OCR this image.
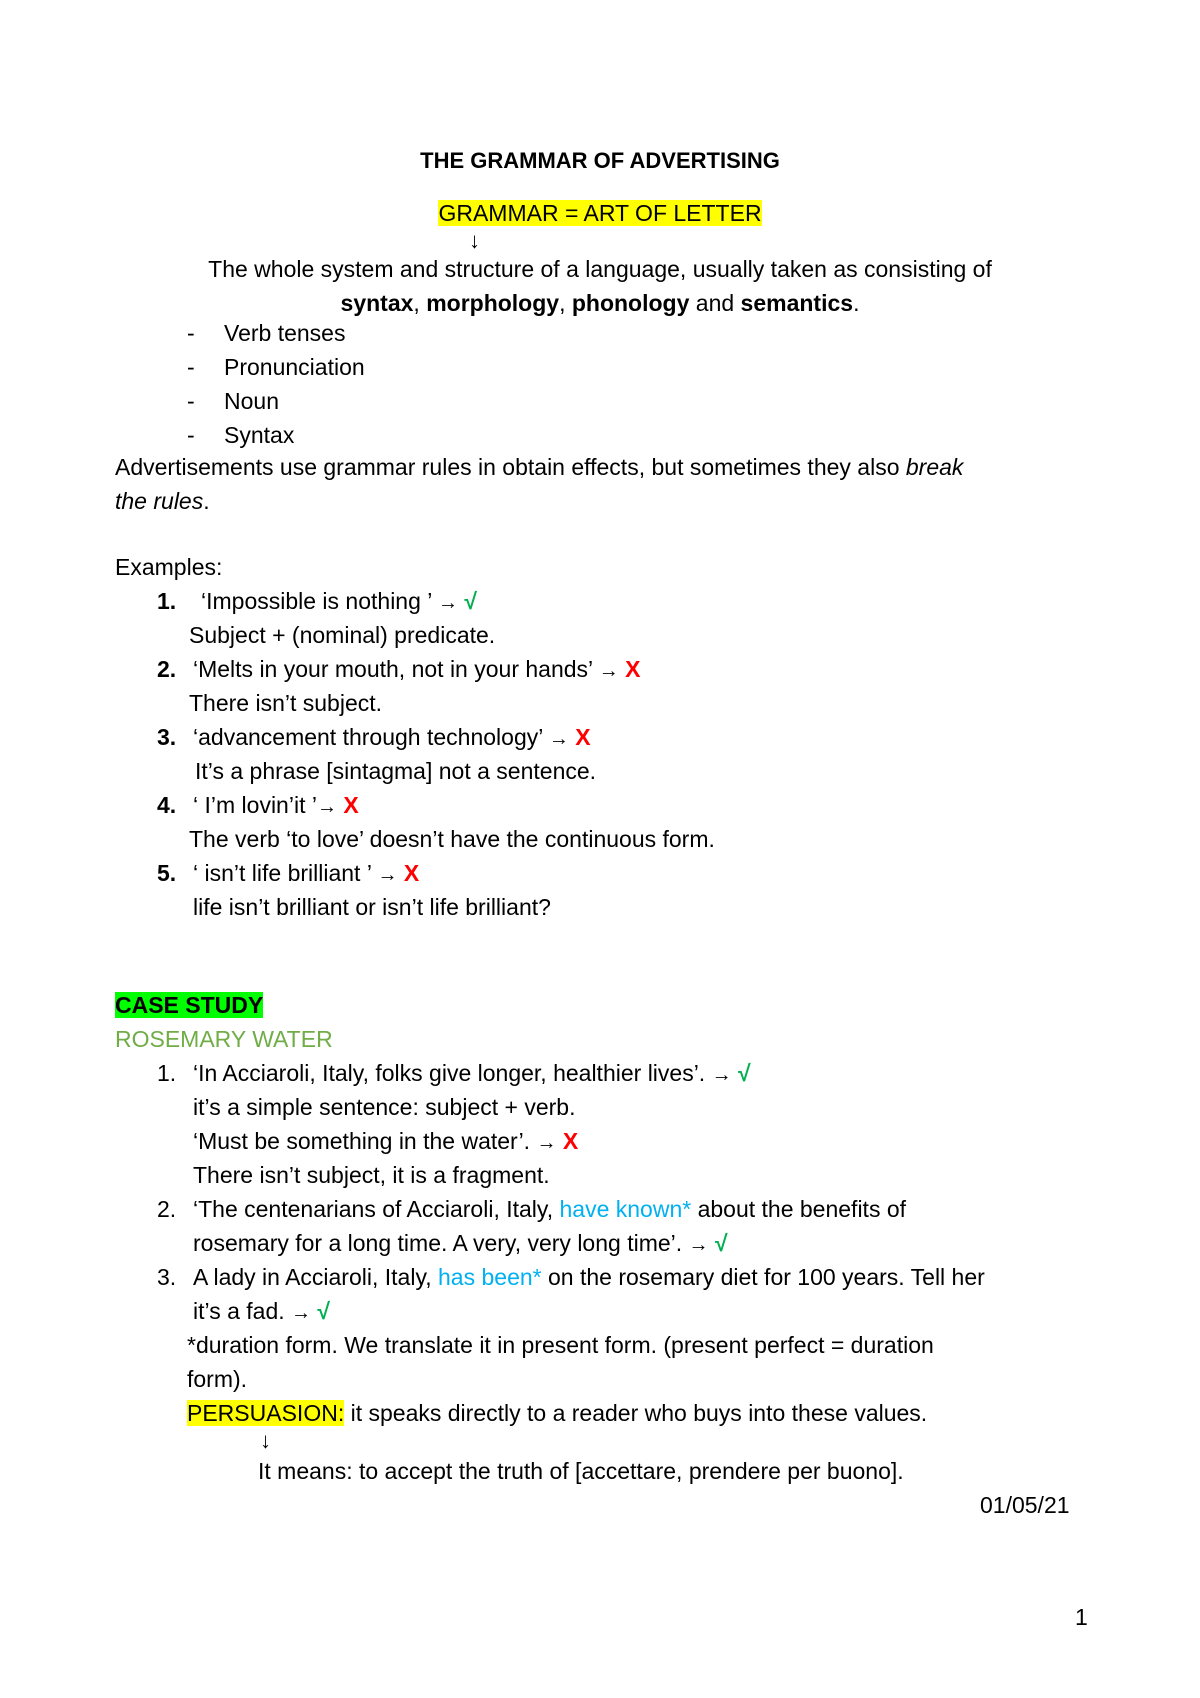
THE GRAMMAR OF ADVERTISING
GRAMMAR = ART OF LETTER
↓
The whole system and structure of a language, usually taken as consisting of
syntax, morphology, phonology and semantics.
- Verb tenses
- Pronunciation
- Noun
- Syntax
Advertisements use grammar rules in obtain effects, but sometimes they also break
the rules.
Examples:
1. ‘Impossible is nothing ’ → √
Subject + (nominal) predicate.
2. ‘Melts in your mouth, not in your hands’ → X
There isn’t subject.
3. ‘advancement through technology’ → X
It’s a phrase [sintagma] not a sentence.
4. ‘ I’m lovin’it ’→ X
The verb ‘to love’ doesn’t have the continuous form.
5. ‘ isn’t life brilliant ’ → X
life isn’t brilliant or isn’t life brilliant?
CASE STUDY
ROSEMARY WATER
1. ‘In Acciaroli, Italy, folks give longer, healthier lives’. → √
it’s a simple sentence: subject + verb.
‘Must be something in the water’. → X
There isn’t subject, it is a fragment.
2. ‘The centenarians of Acciaroli, Italy, have known* about the benefits of
rosemary for a long time. A very, very long time’. → √
3. A lady in Acciaroli, Italy, has been* on the rosemary diet for 100 years. Tell her
it’s a fad. → √
*duration form. We translate it in present form. (present perfect = duration
form).
PERSUASION: it speaks directly to a reader who buys into these values.
↓
It means: to accept the truth of [accettare, prendere per buono].
01/05/21
1
